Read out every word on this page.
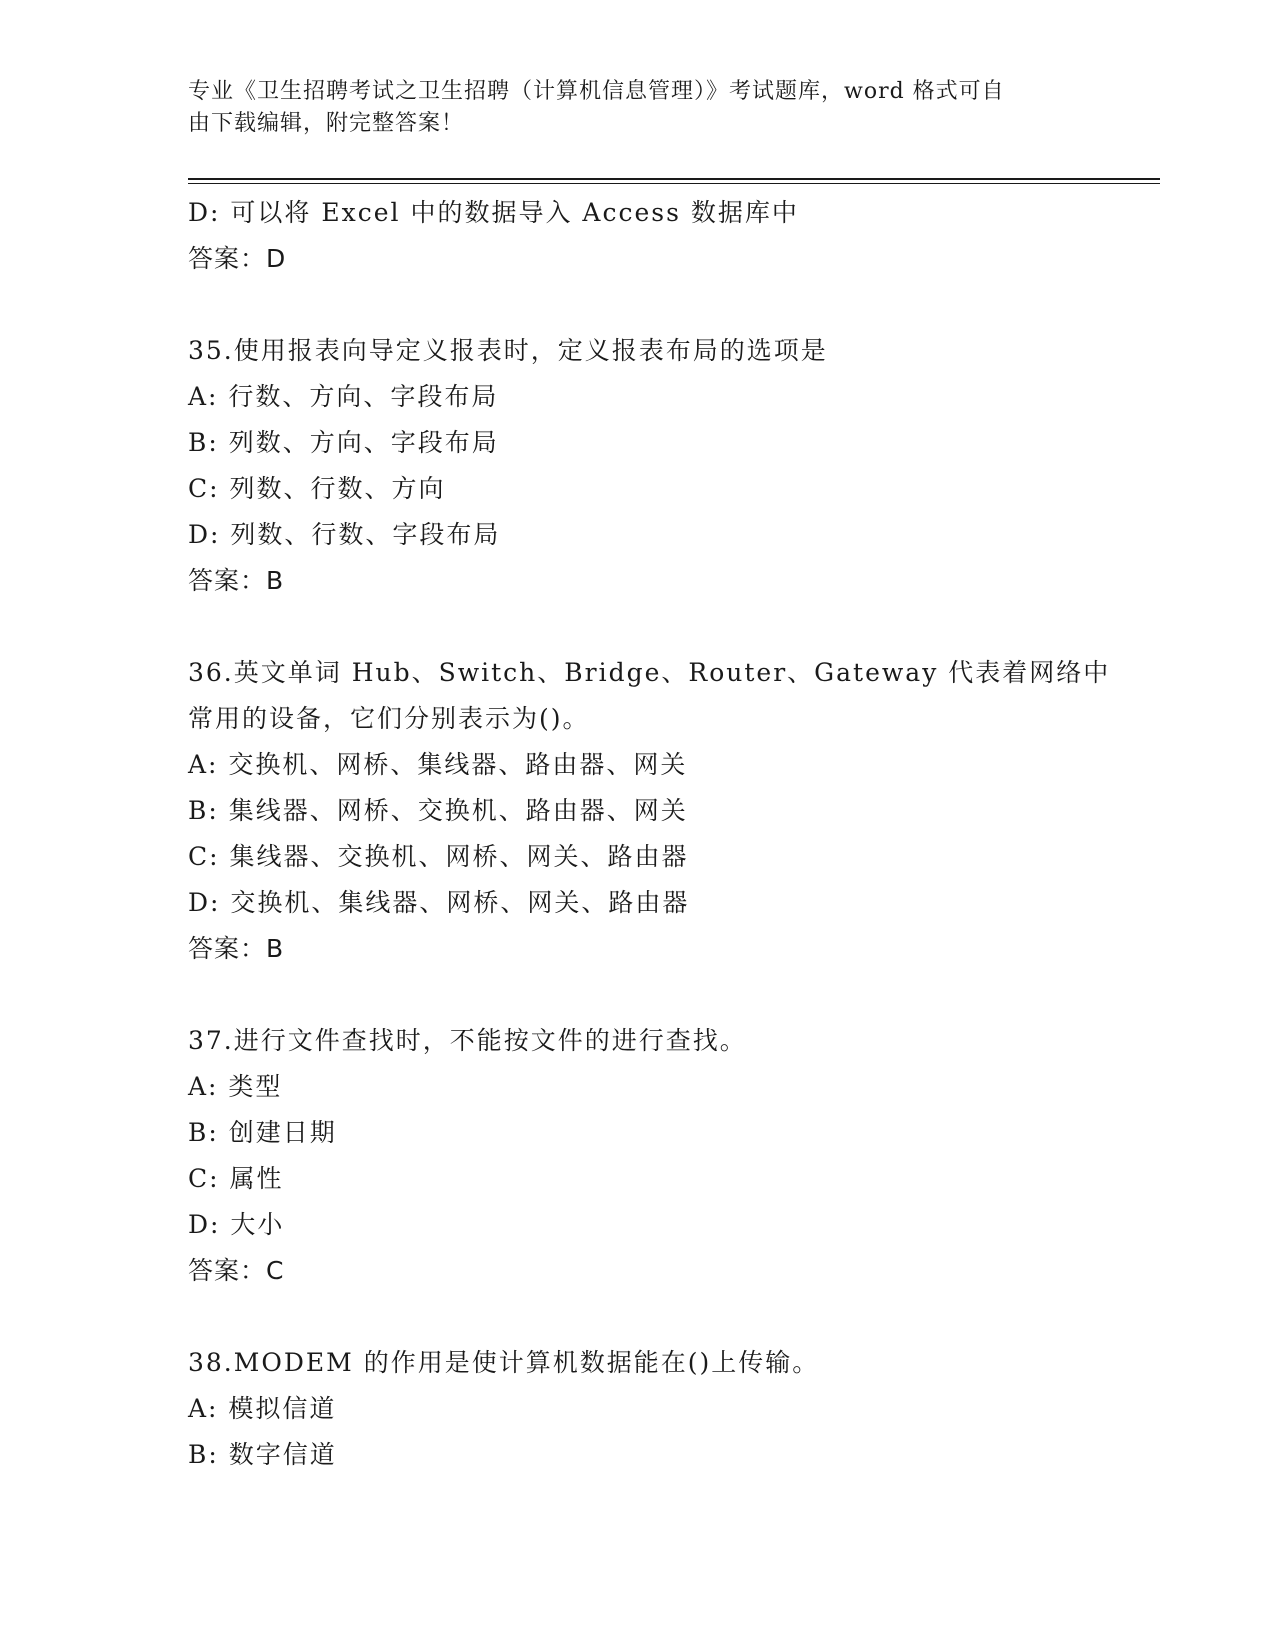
专业《卫生招聘考试之卫生招聘（计算机信息管理）》考试题库，word 格式可自
由下载编辑，附完整答案！
D: 可以将 Excel 中的数据导入 Access 数据库中
答案：D
35.使用报表向导定义报表时，定义报表布局的选项是
A: 行数、方向、字段布局
B: 列数、方向、字段布局
C: 列数、行数、方向
D: 列数、行数、字段布局
答案：B
36.英文单词 Hub、Switch、Bridge、Router、Gateway 代表着网络中
常用的设备，它们分别表示为()。
A: 交换机、网桥、集线器、路由器、网关
B: 集线器、网桥、交换机、路由器、网关
C: 集线器、交换机、网桥、网关、路由器
D: 交换机、集线器、网桥、网关、路由器
答案：B
37.进行文件查找时，不能按文件的进行查找。
A: 类型
B: 创建日期
C: 属性
D: 大小
答案：C
38.MODEM 的作用是使计算机数据能在()上传输。
A: 模拟信道
B: 数字信道
